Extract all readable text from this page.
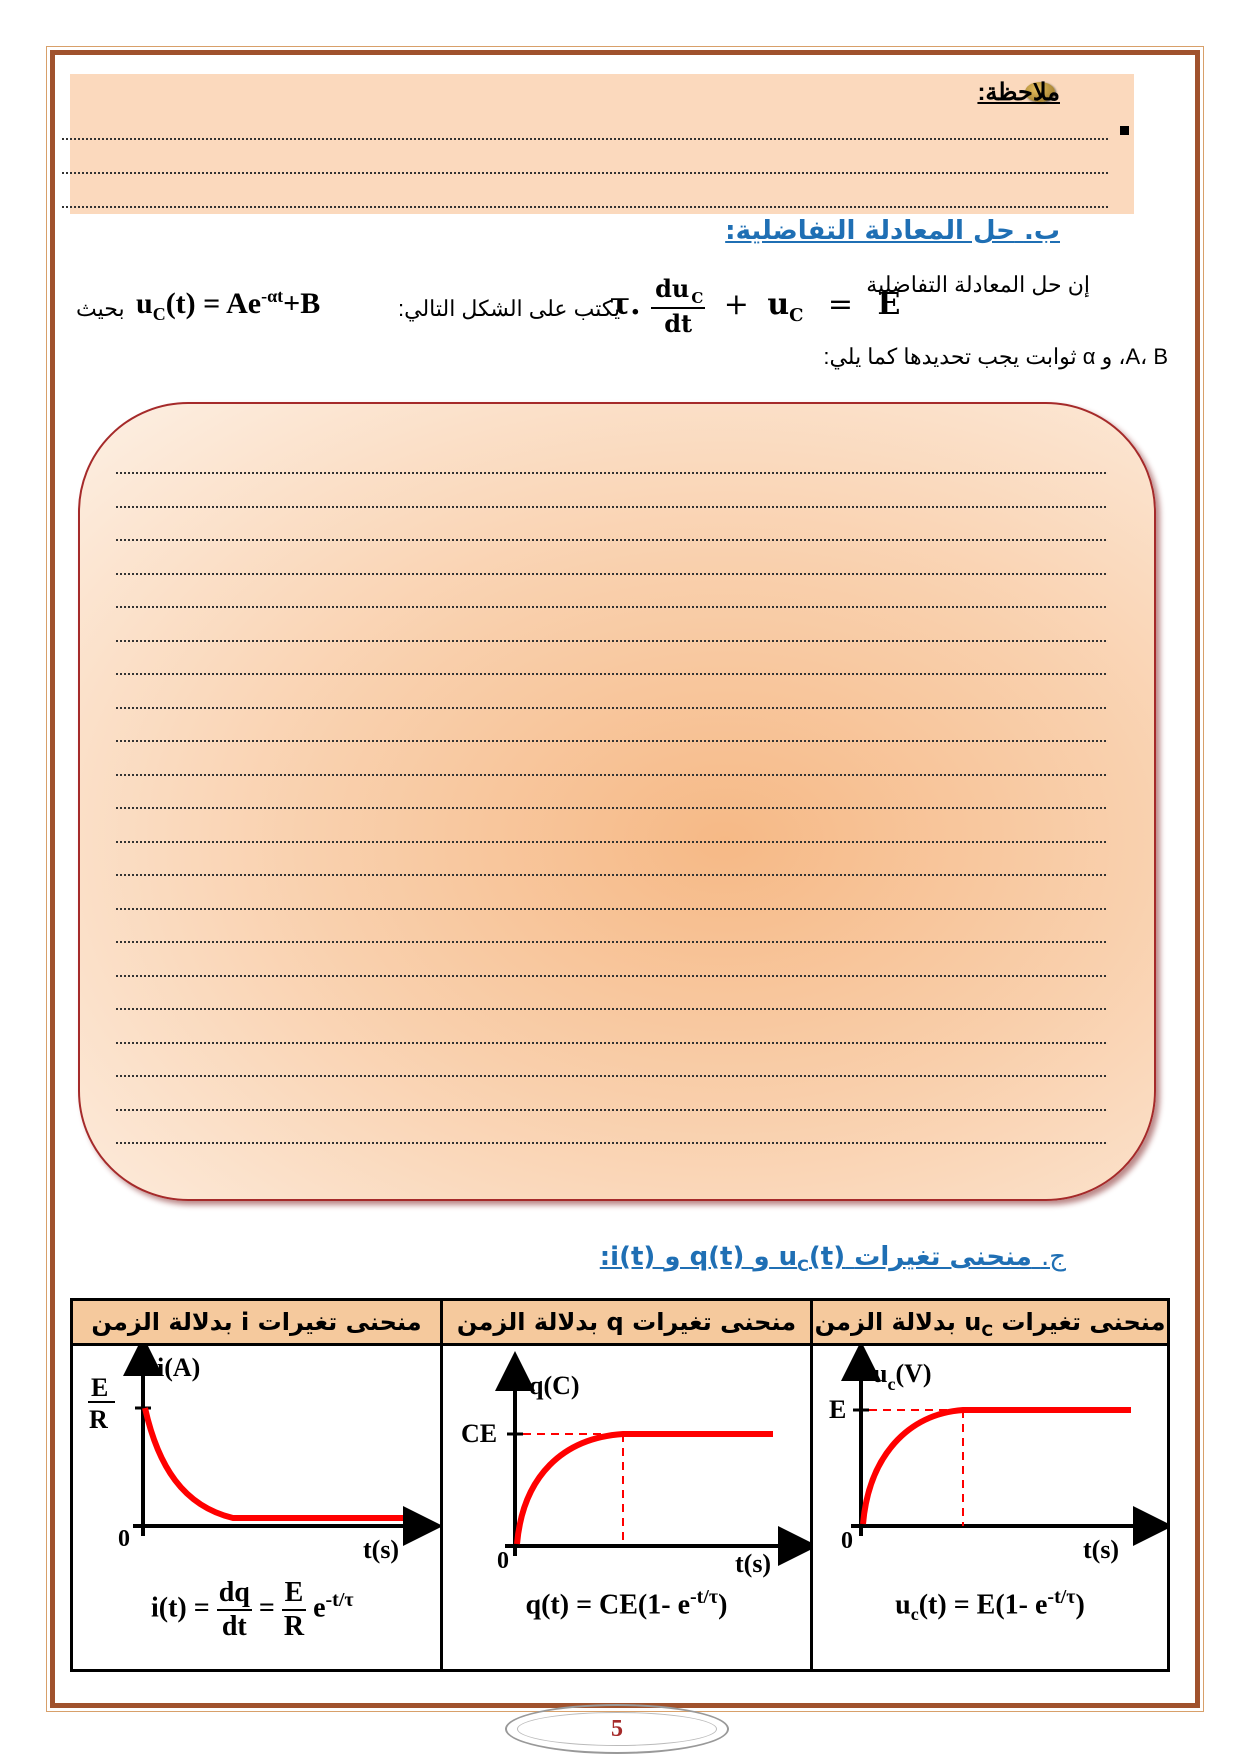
ملاحظة:
ب. حل المعادلة التفاضلية:
إن حل المعادلة التفاضلية
τ. $\frac{du _C}{dt} + u_C = E$
يكتب على الشكل التالي:
$u_C(t) = Ae^{-\alpha t}+B$
بحيث
A، B، و α ثوابت يجب تحديدها كما يلي:
ج. منحنى تغيرات :i(t) و q(t) و $u_C(t)$
منحنى تغيرات i بدلالة الزمن
i(A)
E
R
0	t(s)
$i(t) = \frac{dq}{dt} = \frac{E}{R} e^{-t/\tau}$
منحنى تغيرات q بدلالة الزمن
q(C)
CE
0	t(s)
q(t) = CE(1- $e^{-t/\tau}$)
منحنى تغيرات $u_C$ بدلالة الزمن
$u_c(V)$
E
0	t(s)
$u_c(t) = E(1-$ $e^{-t/\tau}$)
5
